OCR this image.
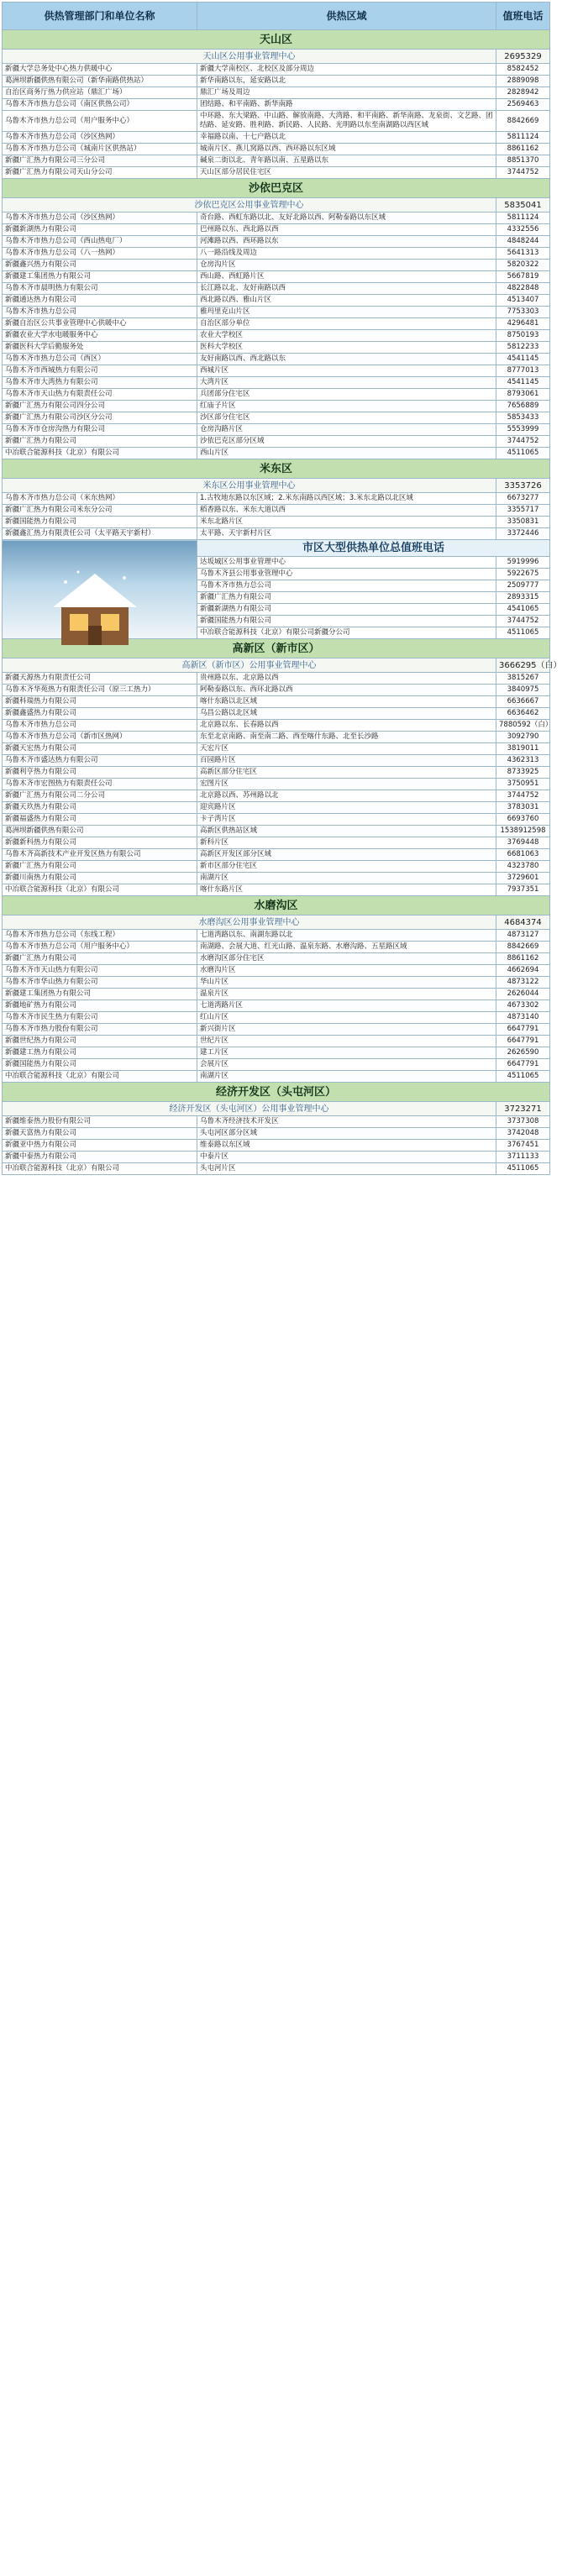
供热管理部门和单位名称	供热区域	值班电话
天山区		
天山区公用事业管理中心		2695329
新疆大学总务处中心热力供暖中心	新疆大学南校区、北校区及部分周边	8582452
葛洲坝新疆供热有限公司（新华南路供热站）	新华南路以东，延安路以北	2889098
自治区商务厅热力供应站（鼎汇广场）	鼎汇广场及周边	2828942
乌鲁木齐市热力总公司（南区供热公司）	团结路、和平南路、新华南路	2569463
乌鲁木齐市热力总公司（用户服务中心）	中环路、东大梁路、中山路、解放南路、大湾路、和平南路、新华南路、龙泉街、文艺路、团结路、延安路、胜利路、新民路、人民路、光明路以东至南湖路以西区域	8842669
乌鲁木齐市热力总公司（沙区热网）	幸福路以南、十七户路以北	5811124
乌鲁木齐市热力总公司（城南片区供热站）	城南片区、燕儿窝路以西、西环路以东区域	8861162
新疆广汇热力有限公司三分公司	碱泉二街以北、青年路以南、五星路以东	8851370
新疆广汇热力有限公司天山分公司	天山区部分居民住宅区	3744752
沙依巴克区		
沙依巴克区公用事业管理中心		5835041
乌鲁木齐市热力总公司（沙区热网）	奇台路、西虹东路以北、友好北路以西、阿勒泰路以东区域	5811124
新疆新湖热力有限公司	巴州路以东、西北路以西	4332556
乌鲁木齐市热力总公司（西山热电厂）	河滩路以西、西环路以东	4848244
乌鲁木齐市热力总公司（八一热网）	八一路沿线及周边	5641313
新疆鑫兴热力有限公司	仓房沟片区	5820322
新疆建工集团热力有限公司	西山路、西虹路片区	5667819
乌鲁木齐市晨明热力有限公司	长江路以北、友好南路以西	4822848
新疆通达热力有限公司	西北路以西、雅山片区	4513407
乌鲁木齐市热力总公司	雅玛里克山片区	7753303
新疆自治区公共事业管理中心供暖中心	自治区部分单位	4296481
新疆农业大学水电暖服务中心	农业大学校区	8750193
新疆医科大学后勤服务处	医科大学校区	5812233
乌鲁木齐市热力总公司（西区）	友好南路以西、西北路以东	4541145
乌鲁木齐市西城热力有限公司	西城片区	8777013
乌鲁木齐市大湾热力有限公司	大湾片区	4541145
乌鲁木齐市天山热力有限责任公司	兵团部分住宅区	8793061
新疆广汇热力有限公司四分公司	红庙子片区	7656889
新疆广汇热力有限公司沙区分公司	沙区部分住宅区	5853433
乌鲁木齐市仓房沟热力有限公司	仓房沟路片区	5553999
新疆广汇热力有限公司	沙依巴克区部分区域	3744752
中冶联合能源科技（北京）有限公司	西山片区	4511065
米东区		
米东区公用事业管理中心		3353726
乌鲁木齐市热力总公司（米东热网）	1.古牧地东路以东区域；2.米东南路以西区域；3.米东北路以北区域	6673277
新疆广汇热力有限公司米东分公司	稻香路以东、米东大道以西	3355717
新疆国能热力有限公司	米东北路片区	3350831
新疆鑫汇热力有限责任公司（太平路天宇新村）	太平路、天宇新村片区	3372446

	市区大型供热单位总值班电话	
	达坂城区公用事业管理中心	5919996
	乌鲁木齐县公用事业管理中心	5922675
	乌鲁木齐市热力总公司	2509777
	新疆广汇热力有限公司	2893315
	新疆新湖热力有限公司	4541065
	新疆国能热力有限公司	3744752
	中冶联合能源科技（北京）有限公司新疆分公司	4511065
高新区（新市区）		
高新区（新市区）公用事业管理中心		3666295（白）
新疆天源热力有限责任公司	贵州路以东、北京路以西	3815267
乌鲁木齐华苑热力有限责任公司（原三工热力）	阿勒泰路以东、西环北路以西	3840975
新疆科瑞热力有限公司	喀什东路以北区域	6636667
新疆鑫盛热力有限公司	乌昌公路以北区域	6636462
乌鲁木齐市热力总公司	北京路以东、长春路以西	7880592（白）
乌鲁木齐市热力总公司（新市区热网）	东至北京南路、南至南二路、西至喀什东路、北至长沙路	3092790
新疆天宏热力有限公司	天宏片区	3819011
乌鲁木齐市盛达热力有限公司	百园路片区	4362313
新疆利亨热力有限公司	高新区部分住宅区	8733925
乌鲁木齐市宏图热力有限责任公司	宏图片区	3750951
新疆广汇热力有限公司二分公司	北京路以西、苏州路以北	3744752
新疆天玖热力有限公司	迎宾路片区	3783031
新疆福盛热力有限公司	卡子湾片区	6693760
葛洲坝新疆供热有限公司	高新区供热站区域	1538912598
新疆新科热力有限公司	新科片区	3769448
乌鲁木齐高新技术产业开发区热力有限公司	高新区开发区部分区域	6681063
新疆广汇热力有限公司	新市区部分住宅区	4323780
新疆川南热力有限公司	南湖片区	3729601
中冶联合能源科技（北京）有限公司	喀什东路片区	7937351
水磨沟区		
水磨沟区公用事业管理中心		4684374
乌鲁木齐市热力总公司（东线工程）	七道湾路以东、南湖东路以北	4873127
乌鲁木齐市热力总公司（用户服务中心）	南湖路、会展大道、红光山路、温泉东路、水磨沟路、五星路区域	8842669
新疆广汇热力有限公司	水磨沟区部分住宅区	8861162
乌鲁木齐市天山热力有限公司	水磨沟片区	4662694
乌鲁木齐市华山热力有限公司	华山片区	4873122
新疆建工集团热力有限公司	温泉片区	2626044
新疆地矿热力有限公司	七道湾路片区	4673302
乌鲁木齐市民生热力有限公司	红山片区	4873140
乌鲁木齐市热力股份有限公司	新兴街片区	6647791
新疆世纪热力有限公司	世纪片区	6647791
新疆建工热力有限公司	建工片区	2626590
新疆国能热力有限公司	会展片区	6647791
中冶联合能源科技（北京）有限公司	南湖片区	4511065
经济开发区（头屯河区）		
经济开发区（头屯河区）公用事业管理中心		3723271
新疆维泰热力股份有限公司	乌鲁木齐经济技术开发区	3737308
新疆天富热力有限公司	头屯河区部分区域	3742048
新疆亚中热力有限公司	维泰路以东区域	3767451
新疆中泰热力有限公司	中泰片区	3711133
中冶联合能源科技（北京）有限公司	头屯河片区	4511065
